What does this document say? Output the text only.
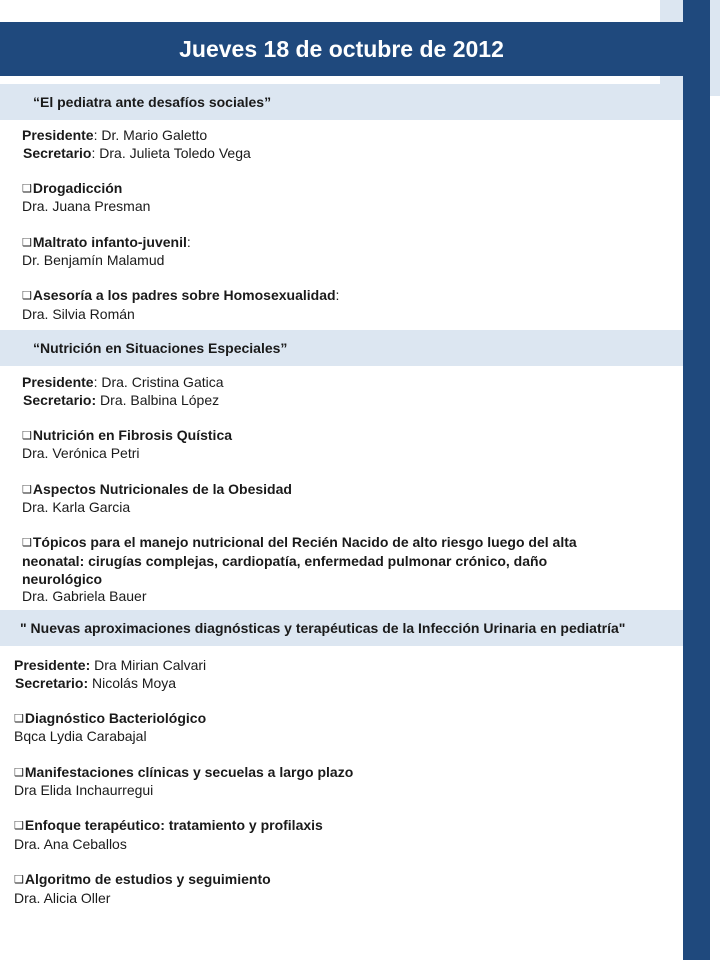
Jueves 18 de octubre de 2012
“El pediatra ante desafíos sociales”

Presidente: Dr. Mario Galetto

Secretario: Dra. Julieta Toledo Vega

❑Drogadicción

Dra. Juana Presman

❑Maltrato infanto-juvenil:

Dr. Benjamín Malamud

❑Asesoría a los padres sobre Homosexualidad:

Dra. Silvia Román

“Nutrición en Situaciones Especiales”

Presidente: Dra. Cristina Gatica

Secretario: Dra. Balbina López

❑Nutrición en Fibrosis Quística

Dra. Verónica Petri

❑Aspectos Nutricionales de la Obesidad

Dra. Karla Garcia

❑Tópicos para el manejo nutricional del Recién Nacido de alto riesgo luego del alta neonatal: cirugías complejas, cardiopatía, enfermedad pulmonar crónico, daño neurológico

Dra. Gabriela Bauer

" Nuevas aproximaciones diagnósticas y terapéuticas de la Infección Urinaria en pediatría"

Presidente: Dra Mirian Calvari

Secretario: Nicolás Moya

❑Diagnóstico Bacteriológico

Bqca Lydia Carabajal

❑Manifestaciones clínicas y secuelas a largo plazo

Dra Elida Inchaurregui

❑Enfoque terapéutico: tratamiento y profilaxis

Dra. Ana Ceballos

❑Algoritmo de estudios y seguimiento

Dra. Alicia Oller
